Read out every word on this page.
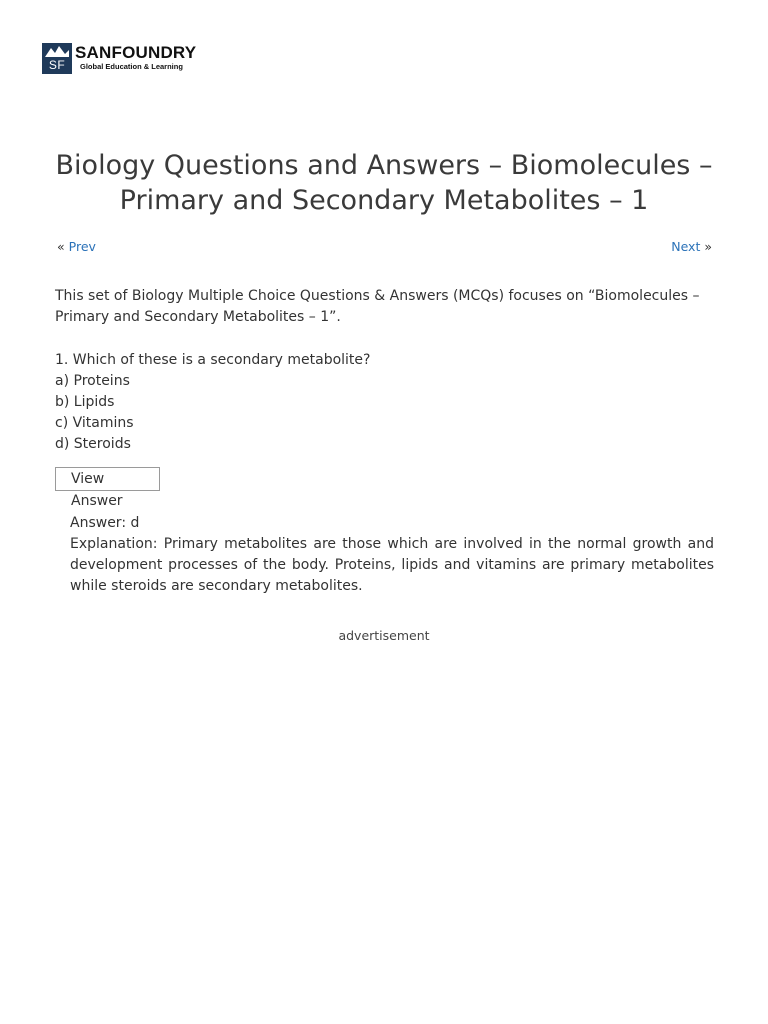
SF
SANFOUNDRY
Global Education & Learning
Biology Questions and Answers – Biomolecules – Primary and Secondary Metabolites – 1
« Prev	Next »
This set of Biology Multiple Choice Questions & Answers (MCQs) focuses on “Biomolecules – Primary and Secondary Metabolites – 1”.

1. Which of these is a secondary metabolite?

a) Proteins

b) Lipids

c) Vitamins

d) Steroids

View Answer

Answer: d

Explanation: Primary metabolites are those which are involved in the normal growth and development processes of the body. Proteins, lipids and vitamins are primary metabolites while steroids are secondary metabolites.

advertisement
